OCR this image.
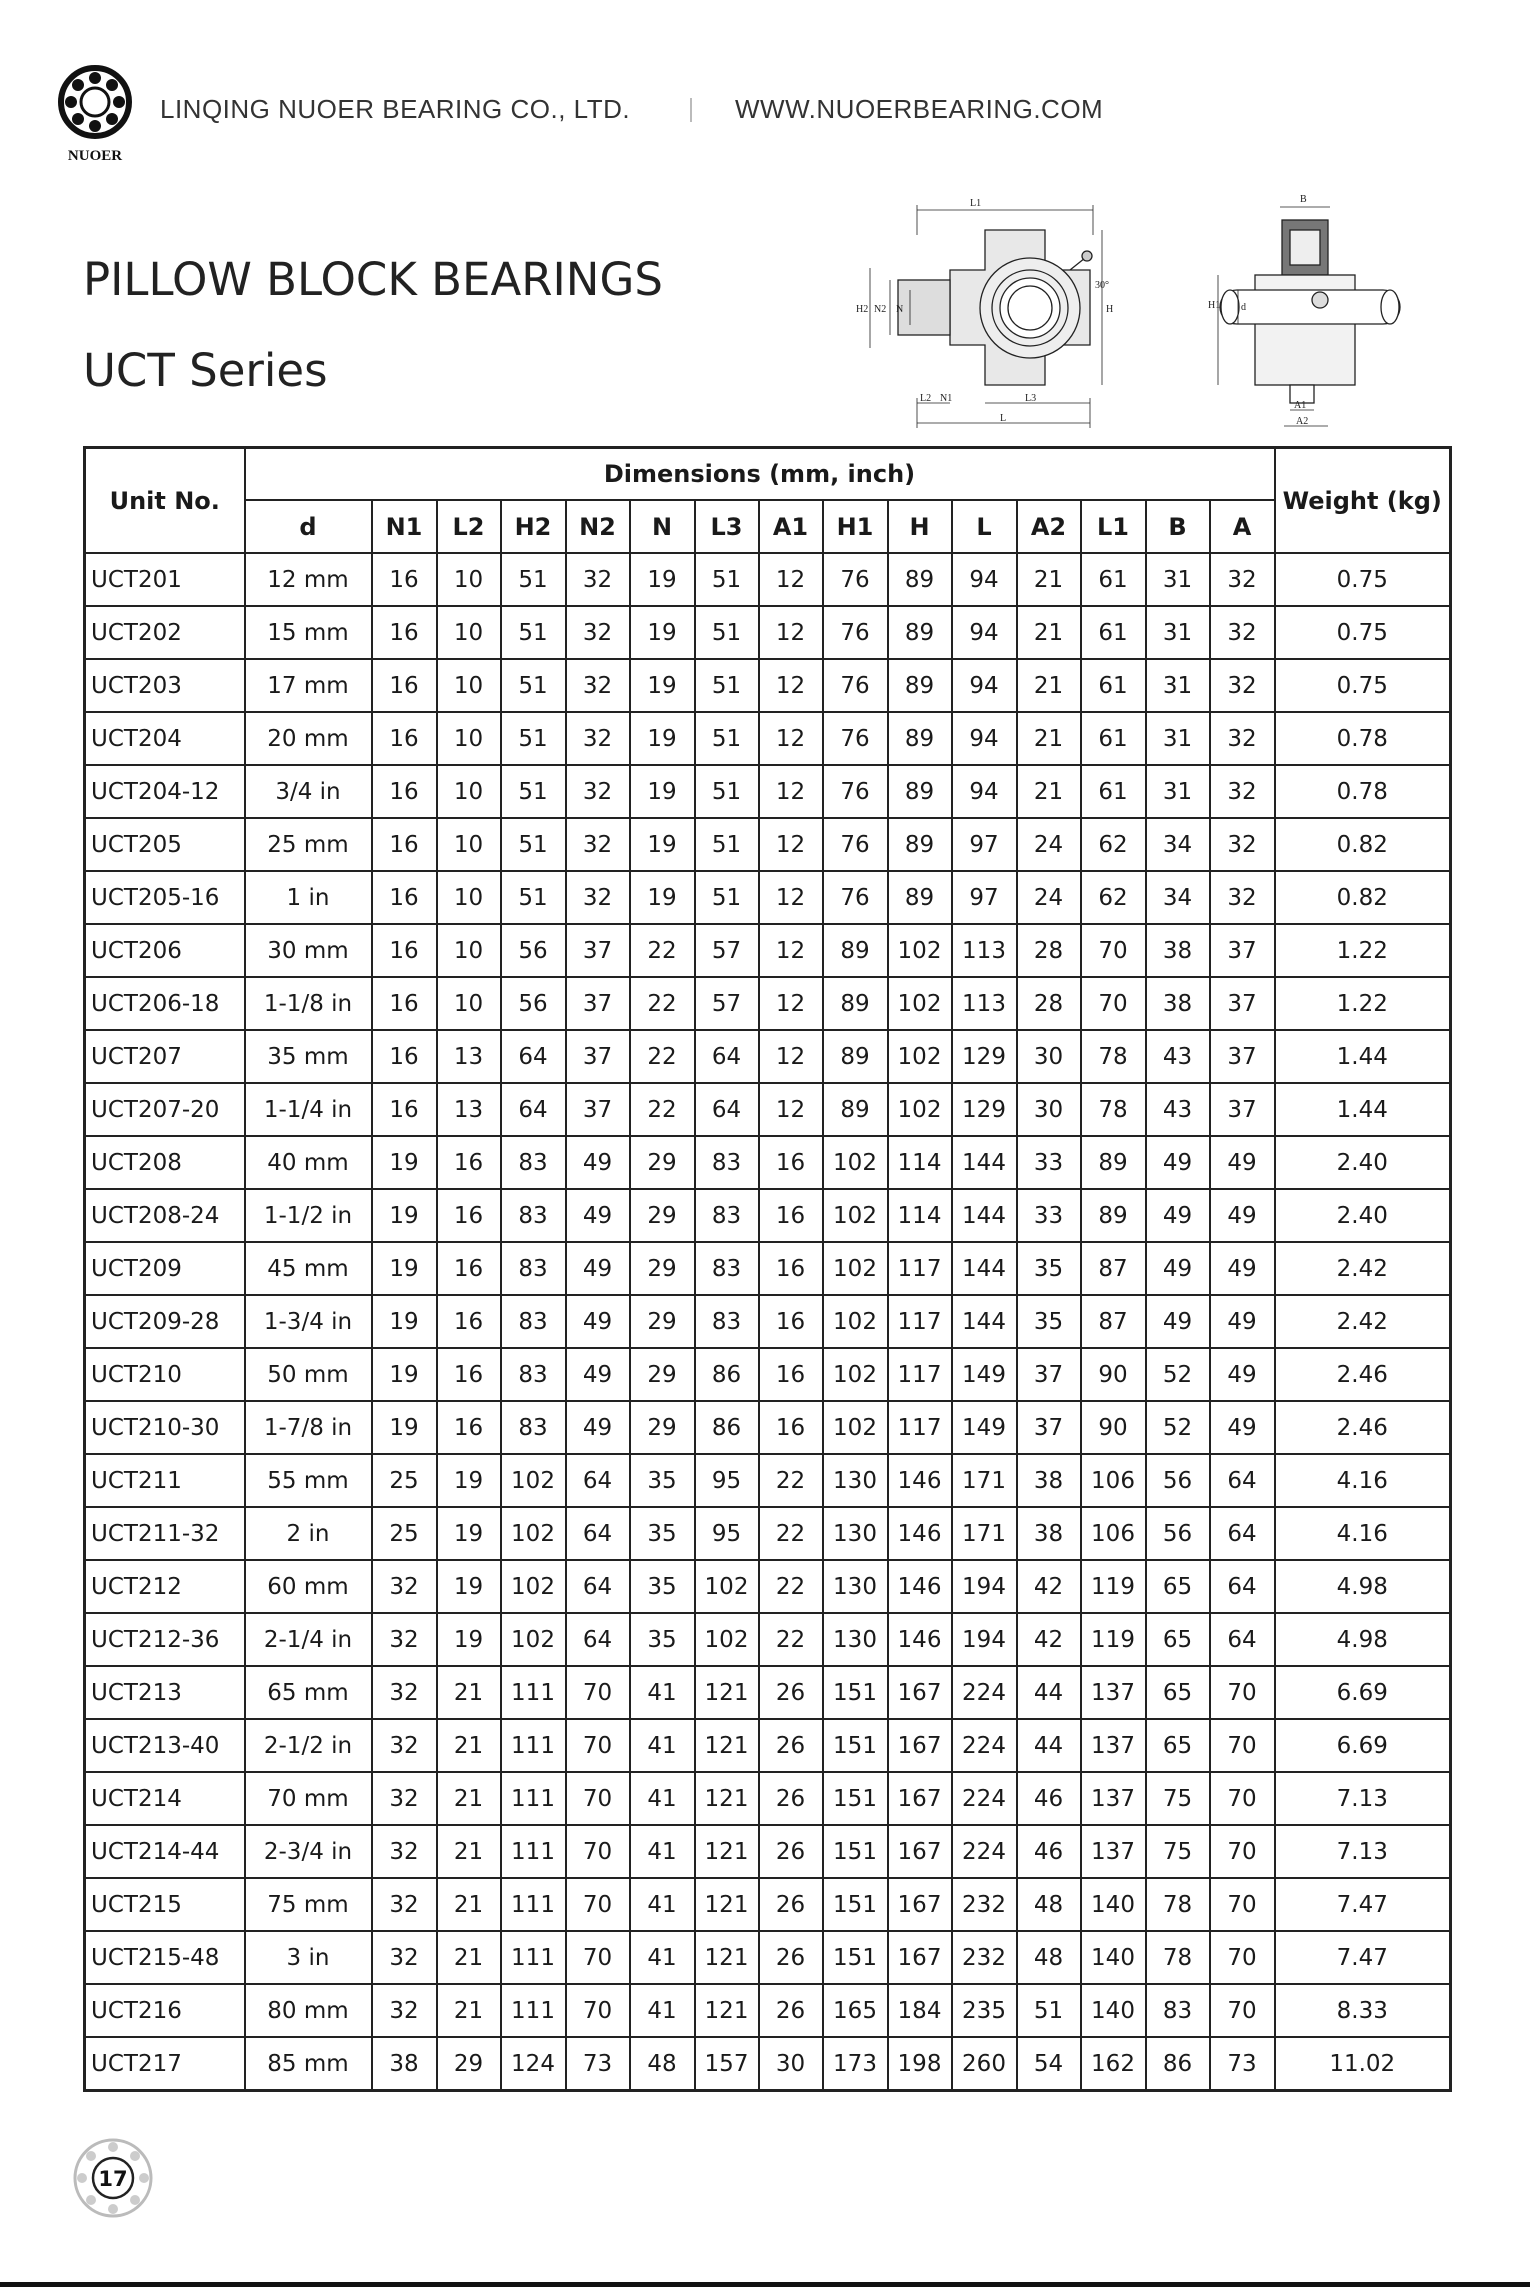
NUOER
LINQING NUOER BEARING CO., LTD.	WWW.NUOERBEARING.COM
PILLOW BLOCK BEARINGS
UCT Series
L1
30°
H2 N2 N	H
L2 N1	L3
L
B
H1 d
A1
A2
Unit No.	Dimensions (mm, inch)															Weight (kg)
	d	N1	L2	H2	N2	N	L3	A1	H1	H	L	A2	L1	B	A	
UCT201	12 mm	16	10	51	32	19	51	12	76	89	94	21	61	31	32	0.75
UCT202	15 mm	16	10	51	32	19	51	12	76	89	94	21	61	31	32	0.75
UCT203	17 mm	16	10	51	32	19	51	12	76	89	94	21	61	31	32	0.75
UCT204	20 mm	16	10	51	32	19	51	12	76	89	94	21	61	31	32	0.78
UCT204-12	3/4 in	16	10	51	32	19	51	12	76	89	94	21	61	31	32	0.78
UCT205	25 mm	16	10	51	32	19	51	12	76	89	97	24	62	34	32	0.82
UCT205-16	1 in	16	10	51	32	19	51	12	76	89	97	24	62	34	32	0.82
UCT206	30 mm	16	10	56	37	22	57	12	89	102	113	28	70	38	37	1.22
UCT206-18	1-1/8 in	16	10	56	37	22	57	12	89	102	113	28	70	38	37	1.22
UCT207	35 mm	16	13	64	37	22	64	12	89	102	129	30	78	43	37	1.44
UCT207-20	1-1/4 in	16	13	64	37	22	64	12	89	102	129	30	78	43	37	1.44
UCT208	40 mm	19	16	83	49	29	83	16	102	114	144	33	89	49	49	2.40
UCT208-24	1-1/2 in	19	16	83	49	29	83	16	102	114	144	33	89	49	49	2.40
UCT209	45 mm	19	16	83	49	29	83	16	102	117	144	35	87	49	49	2.42
UCT209-28	1-3/4 in	19	16	83	49	29	83	16	102	117	144	35	87	49	49	2.42
UCT210	50 mm	19	16	83	49	29	86	16	102	117	149	37	90	52	49	2.46
UCT210-30	1-7/8 in	19	16	83	49	29	86	16	102	117	149	37	90	52	49	2.46
UCT211	55 mm	25	19	102	64	35	95	22	130	146	171	38	106	56	64	4.16
UCT211-32	2 in	25	19	102	64	35	95	22	130	146	171	38	106	56	64	4.16
UCT212	60 mm	32	19	102	64	35	102	22	130	146	194	42	119	65	64	4.98
UCT212-36	2-1/4 in	32	19	102	64	35	102	22	130	146	194	42	119	65	64	4.98
UCT213	65 mm	32	21	111	70	41	121	26	151	167	224	44	137	65	70	6.69
UCT213-40	2-1/2 in	32	21	111	70	41	121	26	151	167	224	44	137	65	70	6.69
UCT214	70 mm	32	21	111	70	41	121	26	151	167	224	46	137	75	70	7.13
UCT214-44	2-3/4 in	32	21	111	70	41	121	26	151	167	224	46	137	75	70	7.13
UCT215	75 mm	32	21	111	70	41	121	26	151	167	232	48	140	78	70	7.47
UCT215-48	3 in	32	21	111	70	41	121	26	151	167	232	48	140	78	70	7.47
UCT216	80 mm	32	21	111	70	41	121	26	165	184	235	51	140	83	70	8.33
UCT217	85 mm	38	29	124	73	48	157	30	173	198	260	54	162	86	73	11.02
17
